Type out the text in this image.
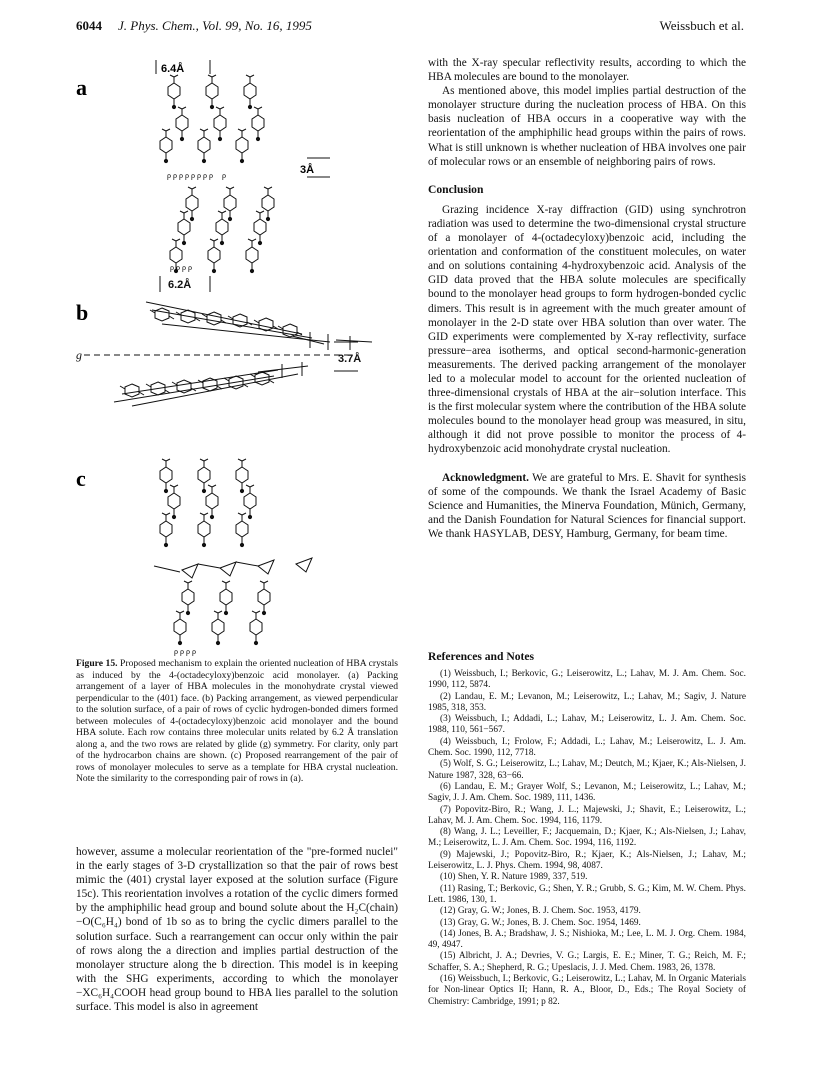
6044 J. Phys. Chem., Vol. 99, No. 16, 1995	Weissbuch et al.
a
b
c
6.4Å
ρ ρ ρ ρ ρ ρ ρ ρ ρ	3Å
ρ ρ ρ ρ
6.2Å
g	3.7Å
ρ ρ ρ ρ
Figure 15. Proposed mechanism to explain the oriented nucleation of HBA crystals as induced by the 4-(octadecyloxy)benzoic acid monolayer. (a) Packing arrangement of a layer of HBA molecules in the monohydrate crystal viewed perpendicular to the (401) face. (b) Packing arrangement, as viewed perpendicular to the solution surface, of a pair of rows of cyclic hydrogen-bonded dimers formed between molecules of 4-(octadecyloxy)benzoic acid monolayer and the bound HBA solute. Each row contains three molecular units related by 6.2 Å translation along a, and the two rows are related by glide (g) symmetry. For clarity, only part of the hydrocarbon chains are shown. (c) Proposed rearrangement of the pair of rows of monolayer molecules to serve as a template for HBA crystal nucleation. Note the similarity to the corresponding pair of rows in (a).
however, assume a molecular reorientation of the "pre-formed nuclei" in the early stages of 3-D crystallization so that the pair of rows best mimic the (401) crystal layer exposed at the solution surface (Figure 15c). This reorientation involves a rotation of the cyclic dimers formed by the amphiphilic head group and bound solute about the H₂C(chain)−O(C₆H₄) bond of 1b so as to bring the cyclic dimers parallel to the solution surface. Such a rearrangement can occur only within the pair of rows along the a direction and implies partial destruction of the monolayer structure along the b direction. This model is in keeping with the SHG experiments, according to which the monolayer −XC₆H₄COOH head group bound to HBA lies parallel to the solution surface. This model is also in agreement

with the X-ray specular reflectivity results, according to which the HBA molecules are bound to the monolayer.

As mentioned above, this model implies partial destruction of the monolayer structure during the nucleation process of HBA. On this basis nucleation of HBA occurs in a cooperative way with the reorientation of the amphiphilic head groups within the pairs of rows. What is still unknown is whether nucleation of HBA involves one pair of molecular rows or an ensemble of neighboring pairs of rows.

Conclusion

Grazing incidence X-ray diffraction (GID) using synchrotron radiation was used to determine the two-dimensional crystal structure of a monolayer of 4-(octadecyloxy)benzoic acid, including the orientation and conformation of the constituent molecules, on water and on solutions containing 4-hydroxybenzoic acid. Analysis of the GID data proved that the HBA solute molecules are specifically bound to the monolayer head groups to form hydrogen-bonded cyclic dimers. This result is in agreement with the much greater amount of monolayer in the 2-D state over HBA solution than over water. The GID experiments were complemented by X-ray reflectivity, surface pressure−area isotherms, and optical second-harmonic-generation measurements. The derived packing arrangement of the monolayer led to a molecular model to account for the oriented nucleation of three-dimensional crystals of HBA at the air−solution interface. This is the first molecular system where the contribution of the HBA solute molecules bound to the monolayer head group was measured, in situ, although it did not prove possible to monitor the process of 4-hydroxybenzoic acid monohydrate crystal nucleation.

Acknowledgment. We are grateful to Mrs. E. Shavit for synthesis of some of the compounds. We thank the Israel Academy of Basic Science and Humanities, the Minerva Foundation, Münich, Germany, and the Danish Foundation for Natural Sciences for financial support. We thank HASYLAB, DESY, Hamburg, Germany, for beam time.

References and Notes
(1) Weissbuch, I.; Berkovic, G.; Leiserowitz, L.; Lahav, M. J. Am. Chem. Soc. 1990, 112, 5874.
(2) Landau, E. M.; Levanon, M.; Leiserowitz, L.; Lahav, M.; Sagiv, J. Nature 1985, 318, 353.
(3) Weissbuch, I.; Addadi, L.; Lahav, M.; Leiserowitz, L. J. Am. Chem. Soc. 1988, 110, 561−567.
(4) Weissbuch, I.; Frolow, F.; Addadi, L.; Lahav, M.; Leiserowitz, L. J. Am. Chem. Soc. 1990, 112, 7718.
(5) Wolf, S. G.; Leiserowitz, L.; Lahav, M.; Deutch, M.; Kjaer, K.; Als-Nielsen, J. Nature 1987, 328, 63−66.
(6) Landau, E. M.; Grayer Wolf, S.; Levanon, M.; Leiserowitz, L.; Lahav, M.; Sagiv, J. J. Am. Chem. Soc. 1989, 111, 1436.
(7) Popovitz-Biro, R.; Wang, J. L.; Majewski, J.; Shavit, E.; Leiserowitz, L.; Lahav, M. J. Am. Chem. Soc. 1994, 116, 1179.
(8) Wang, J. L.; Leveiller, F.; Jacquemain, D.; Kjaer, K.; Als-Nielsen, J.; Lahav, M.; Leiserowitz, L. J. Am. Chem. Soc. 1994, 116, 1192.
(9) Majewski, J.; Popovitz-Biro, R.; Kjaer, K.; Als-Nielsen, J.; Lahav, M.; Leiserowitz, L. J. Phys. Chem. 1994, 98, 4087.
(10) Shen, Y. R. Nature 1989, 337, 519.
(11) Rasing, T.; Berkovic, G.; Shen, Y. R.; Grubb, S. G.; Kim, M. W. Chem. Phys. Lett. 1986, 130, 1.
(12) Gray, G. W.; Jones, B. J. Chem. Soc. 1953, 4179.
(13) Gray, G. W.; Jones, B. J. Chem. Soc. 1954, 1469.
(14) Jones, B. A.; Bradshaw, J. S.; Nishioka, M.; Lee, L. M. J. Org. Chem. 1984, 49, 4947.
(15) Albricht, J. A.; Devries, V. G.; Largis, E. E.; Miner, T. G.; Reich, M. F.; Schaffer, S. A.; Shepherd, R. G.; Upeslacis, J. J. Med. Chem. 1983, 26, 1378.
(16) Weissbuch, I.; Berkovic, G.; Leiserowitz, L.; Lahav, M. In Organic Materials for Non-linear Optics II; Hann, R. A., Bloor, D., Eds.; The Royal Society of Chemistry: Cambridge, 1991; p 82.
